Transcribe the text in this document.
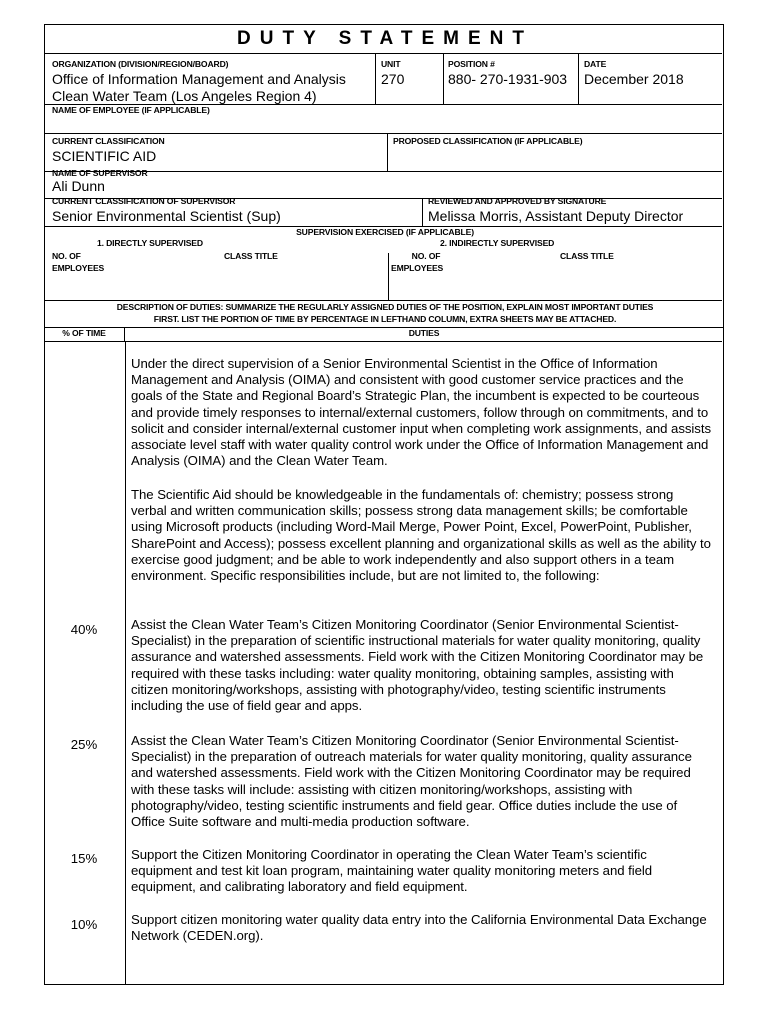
DUTY STATEMENT
ORGANIZATION (DIVISION/REGION/BOARD)
Office of Information Management and Analysis
Clean Water Team (Los Angeles Region 4)
UNIT
270
POSITION #
880- 270-1931-903
DATE
December 2018
NAME OF EMPLOYEE (IF APPLICABLE)
CURRENT CLASSIFICATION
SCIENTIFIC AID
PROPOSED CLASSIFICATION (IF APPLICABLE)
NAME OF SUPERVISOR
Ali Dunn
CURRENT CLASSIFICATION OF SUPERVISOR
Senior Environmental Scientist (Sup)
REVIEWED AND APPROVED BY SIGNATURE
Melissa Morris, Assistant Deputy Director
SUPERVISION EXERCISED (IF APPLICABLE)
1. DIRECTLY SUPERVISED	2. INDIRECTLY SUPERVISED
NO. OF
EMPLOYEES
CLASS TITLE	NO. OF
EMPLOYEES
CLASS TITLE
DESCRIPTION OF DUTIES: SUMMARIZE THE REGULARLY ASSIGNED DUTIES OF THE POSITION, EXPLAIN MOST IMPORTANT DUTIES
FIRST. LIST THE PORTION OF TIME BY PERCENTAGE IN LEFTHAND COLUMN, EXTRA SHEETS MAY BE ATTACHED.
% OF TIME	DUTIES
Under the direct supervision of a Senior Environmental Scientist in the Office of Information Management and Analysis (OIMA) and consistent with good customer service practices and the goals of the State and Regional Board’s Strategic Plan, the incumbent is expected to be courteous and provide timely responses to internal/external customers, follow through on commitments, and to solicit and consider internal/external customer input when completing work assignments, and assists associate level staff with water quality control work under the Office of Information Management and Analysis (OIMA) and the Clean Water Team.
The Scientific Aid should be knowledgeable in the fundamentals of: chemistry; possess strong verbal and written communication skills; possess strong data management skills; be comfortable using Microsoft products (including Word-Mail Merge, Power Point, Excel, PowerPoint, Publisher, SharePoint and Access); possess excellent planning and organizational skills as well as the ability to exercise good judgment; and be able to work independently and also support others in a team environment. Specific responsibilities include, but are not limited to, the following:
40%	Assist the Clean Water Team’s Citizen Monitoring Coordinator (Senior Environmental Scientist-Specialist) in the preparation of scientific instructional materials for water quality monitoring, quality assurance and watershed assessments. Field work with the Citizen Monitoring Coordinator may be required with these tasks including: water quality monitoring, obtaining samples, assisting with citizen monitoring/workshops, assisting with photography/video, testing scientific instruments including the use of field gear and apps.
25%	Assist the Clean Water Team’s Citizen Monitoring Coordinator (Senior Environmental Scientist-Specialist) in the preparation of outreach materials for water quality monitoring, quality assurance and watershed assessments. Field work with the Citizen Monitoring Coordinator may be required with these tasks will include: assisting with citizen monitoring/workshops, assisting with photography/video, testing scientific instruments and field gear. Office duties include the use of Office Suite software and multi-media production software.
15%	Support the Citizen Monitoring Coordinator in operating the Clean Water Team’s scientific equipment and test kit loan program, maintaining water quality monitoring meters and field equipment, and calibrating laboratory and field equipment.
10%	Support citizen monitoring water quality data entry into the California Environmental Data Exchange Network (CEDEN.org).
